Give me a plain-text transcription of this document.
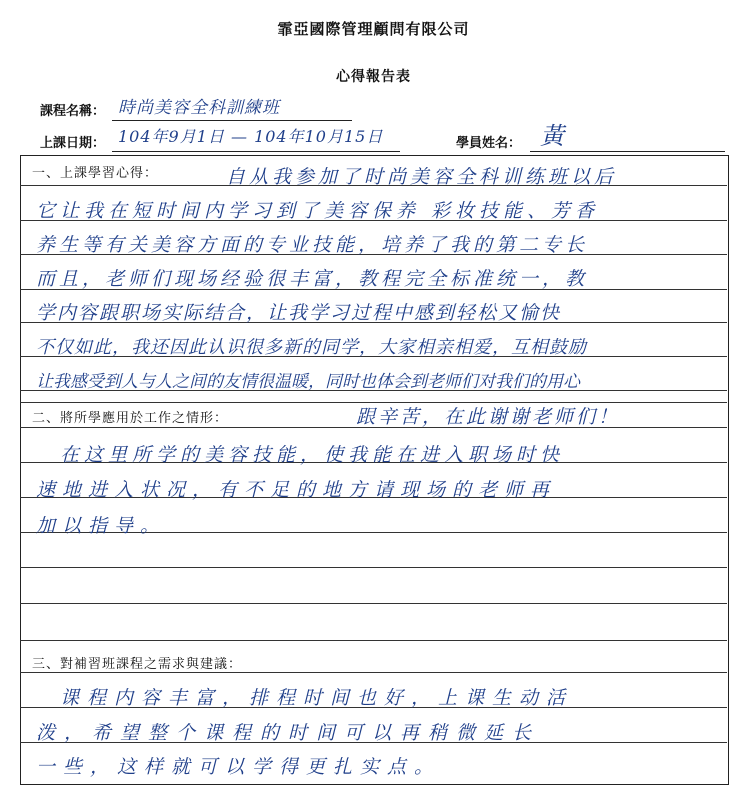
霏亞國際管理顧問有限公司
心得報告表
課程名稱： 時尚美容全科訓練班
上課日期： 104年9月1日 — 104年10月15日	學員姓名： 黃
一、上課學習心得：
二、將所學應用於工作之情形：
三、對補習班課程之需求與建議：
自从我参加了时尚美容全科训练班以后
它让我在短时间内学习到了美容保养 彩妆技能、芳香
养生等有关美容方面的专业技能，培养了我的第二专长
而且，老师们现场经验很丰富，教程完全标准统一，教
学内容跟职场实际结合，让我学习过程中感到轻松又愉快
不仅如此，我还因此认识很多新的同学，大家相亲相爱，互相鼓励
让我感受到人与人之间的友情很温暖，同时也体会到老师们对我们的用心
跟辛苦，在此谢谢老师们！
在这里所学的美容技能，使我能在进入职场时快
速地进入状况，有不足的地方请现场的老师再
加以指导。
课程内容丰富，排程时间也好，上课生动活
泼，希望整个课程的时间可以再稍微延长
一些，这样就可以学得更扎实点。
